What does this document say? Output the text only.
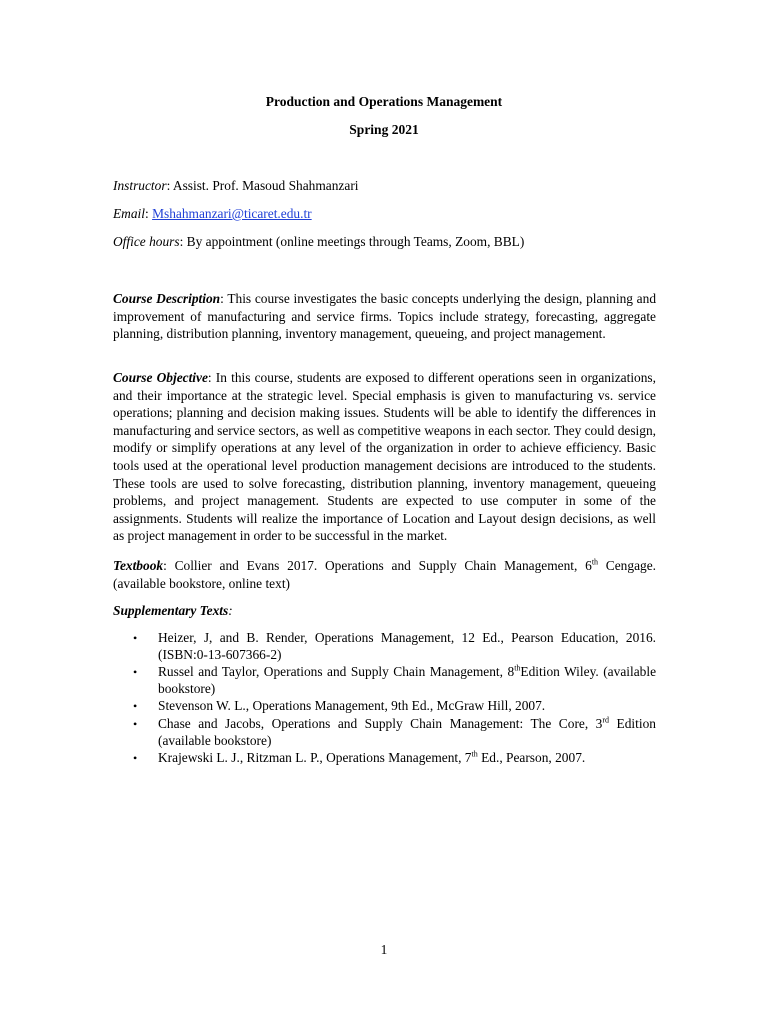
Production and Operations Management
Spring 2021
Instructor: Assist. Prof. Masoud Shahmanzari
Email: Mshahmanzari@ticaret.edu.tr
Office hours: By appointment (online meetings through Teams, Zoom, BBL)
Course Description: This course investigates the basic concepts underlying the design, planning and improvement of manufacturing and service firms. Topics include strategy, forecasting, aggregate planning, distribution planning, inventory management, queueing, and project management.
Course Objective: In this course, students are exposed to different operations seen in organizations, and their importance at the strategic level. Special emphasis is given to manufacturing vs. service operations; planning and decision making issues. Students will be able to identify the differences in manufacturing and service sectors, as well as competitive weapons in each sector. They could design, modify or simplify operations at any level of the organization in order to achieve efficiency. Basic tools used at the operational level production management decisions are introduced to the students. These tools are used to solve forecasting, distribution planning, inventory management, queueing problems, and project management. Students are expected to use computer in some of the assignments. Students will realize the importance of Location and Layout design decisions, as well as project management in order to be successful in the market.
Textbook: Collier and Evans 2017. Operations and Supply Chain Management, 6th Cengage. (available bookstore, online text)
Supplementary Texts:
• Heizer, J, and B. Render, Operations Management, 12 Ed., Pearson Education, 2016. (ISBN:0-13-607366-2)
• Russel and Taylor, Operations and Supply Chain Management, 8thEdition Wiley. (available bookstore)
• Stevenson W. L., Operations Management, 9th Ed., McGraw Hill, 2007.
• Chase and Jacobs, Operations and Supply Chain Management: The Core, 3rd Edition (available bookstore)
• Krajewski L. J., Ritzman L. P., Operations Management, 7th Ed., Pearson, 2007.
1
